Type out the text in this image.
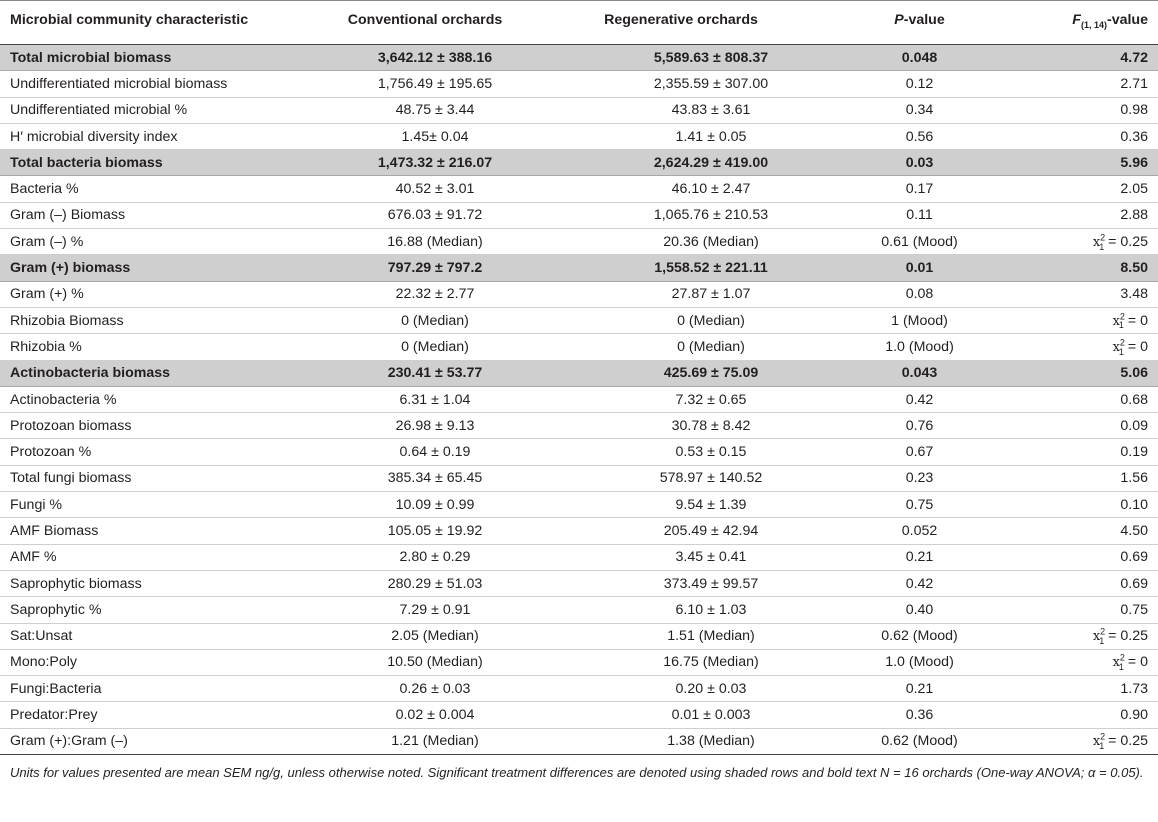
Microbial community characteristic	Conventional orchards	Regenerative orchards	P-value	$F_{(1, 14)}$-value
Total microbial biomass	3,642.12 ± 388.16	5,589.63 ± 808.37	0.048	4.72
Undifferentiated microbial biomass	1,756.49 ± 195.65	2,355.59 ± 307.00	0.12	2.71
Undifferentiated microbial %	48.75 ± 3.44	43.83 ± 3.61	0.34	0.98
H′ microbial diversity index	1.45± 0.04	1.41 ± 0.05	0.56	0.36
Total bacteria biomass	1,473.32 ± 216.07	2,624.29 ± 419.00	0.03	5.96
Bacteria %	40.52 ± 3.01	46.10 ± 2.47	0.17	2.05
Gram (–) Biomass	676.03 ± 91.72	1,065.76 ± 210.53	0.11	2.88
Gram (–) %	16.88 (Median)	20.36 (Median)	0.61 (Mood)	$x^2_1 = 0.25$
Gram (+) biomass	797.29 ± 797.2	1,558.52 ± 221.11	0.01	8.50
Gram (+) %	22.32 ± 2.77	27.87 ± 1.07	0.08	3.48
Rhizobia Biomass	0 (Median)	0 (Median)	1 (Mood)	$x^2_1 = 0$
Rhizobia %	0 (Median)	0 (Median)	1.0 (Mood)	$x^2_1 = 0$
Actinobacteria biomass	230.41 ± 53.77	425.69 ± 75.09	0.043	5.06
Actinobacteria %	6.31 ± 1.04	7.32 ± 0.65	0.42	0.68
Protozoan biomass	26.98 ± 9.13	30.78 ± 8.42	0.76	0.09
Protozoan %	0.64 ± 0.19	0.53 ± 0.15	0.67	0.19
Total fungi biomass	385.34 ± 65.45	578.97 ± 140.52	0.23	1.56
Fungi %	10.09 ± 0.99	9.54 ± 1.39	0.75	0.10
AMF Biomass	105.05 ± 19.92	205.49 ± 42.94	0.052	4.50
AMF %	2.80 ± 0.29	3.45 ± 0.41	0.21	0.69
Saprophytic biomass	280.29 ± 51.03	373.49 ± 99.57	0.42	0.69
Saprophytic %	7.29 ± 0.91	6.10 ± 1.03	0.40	0.75
Sat:Unsat	2.05 (Median)	1.51 (Median)	0.62 (Mood)	$x^2_1 = 0.25$
Mono:Poly	10.50 (Median)	16.75 (Median)	1.0 (Mood)	$x^2_1 = 0$
Fungi:Bacteria	0.26 ± 0.03	0.20 ± 0.03	0.21	1.73
Predator:Prey	0.02 ± 0.004	0.01 ± 0.003	0.36	0.90
Gram (+):Gram (–)	1.21 (Median)	1.38 (Median)	0.62 (Mood)	$x^2_1 = 0.25$
Units for values presented are mean SEM ng/g, unless otherwise noted. Significant treatment differences are denoted using shaded rows and bold text N = 16 orchards (One-way ANOVA; α = 0.05).
